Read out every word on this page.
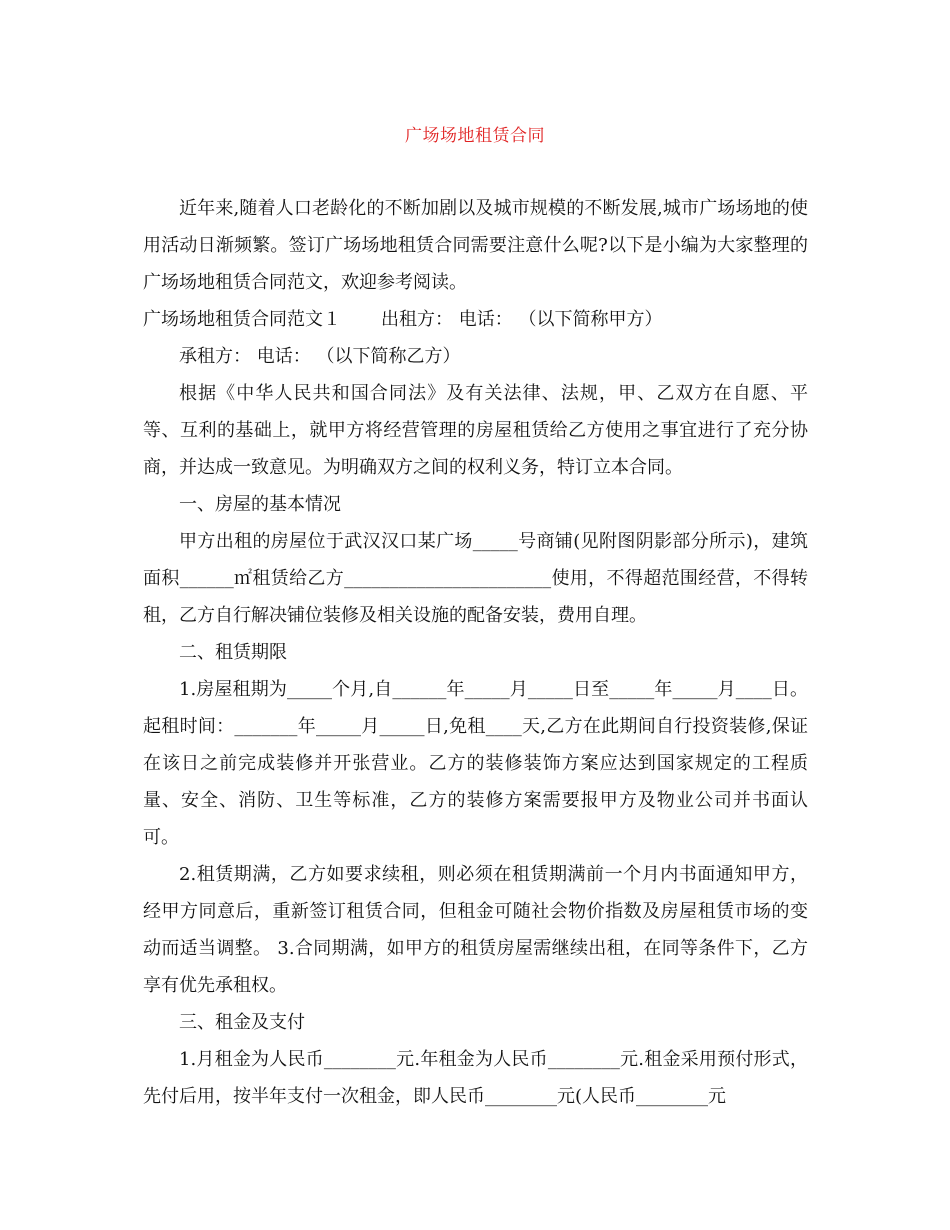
广场场地租赁合同

近年来,随着人口老龄化的不断加剧以及城市规模的不断发展,城市广场场地的使用活动日渐频繁。签订广场场地租赁合同需要注意什么呢?以下是小编为大家整理的广场场地租赁合同范文，欢迎参考阅读。

广场场地租赁合同范文１ 出租方： 电话： （以下简称甲方）

承租方： 电话： （以下简称乙方）

根据《中华人民共和国合同法》及有关法律、法规，甲、乙双方在自愿、平等、互利的基础上，就甲方将经营管理的房屋租赁给乙方使用之事宜进行了充分协商，并达成一致意见。为明确双方之间的权利义务，特订立本合同。

一、房屋的基本情况

甲方出租的房屋位于武汉汉口某广场_____号商铺(见附图阴影部分所示)，建筑面积______㎡租赁给乙方_______________________使用，不得超范围经营，不得转租，乙方自行解决铺位装修及相关设施的配备安装，费用自理。

二、租赁期限

1.房屋租期为_____个月,自______年_____月_____日至_____年_____月____日。起租时间：_______年_____月_____日,免租____天,乙方在此期间自行投资装修,保证在该日之前完成装修并开张营业。乙方的装修装饰方案应达到国家规定的工程质量、安全、消防、卫生等标准，乙方的装修方案需要报甲方及物业公司并书面认可。

2.租赁期满，乙方如要求续租，则必须在租赁期满前一个月内书面通知甲方，经甲方同意后，重新签订租赁合同，但租金可随社会物价指数及房屋租赁市场的变动而适当调整。 3.合同期满，如甲方的租赁房屋需继续出租，在同等条件下，乙方享有优先承租权。

三、租金及支付

1.月租金为人民币________元.年租金为人民币________元.租金采用预付形式，先付后用，按半年支付一次租金，即人民币________元(人民币________元
